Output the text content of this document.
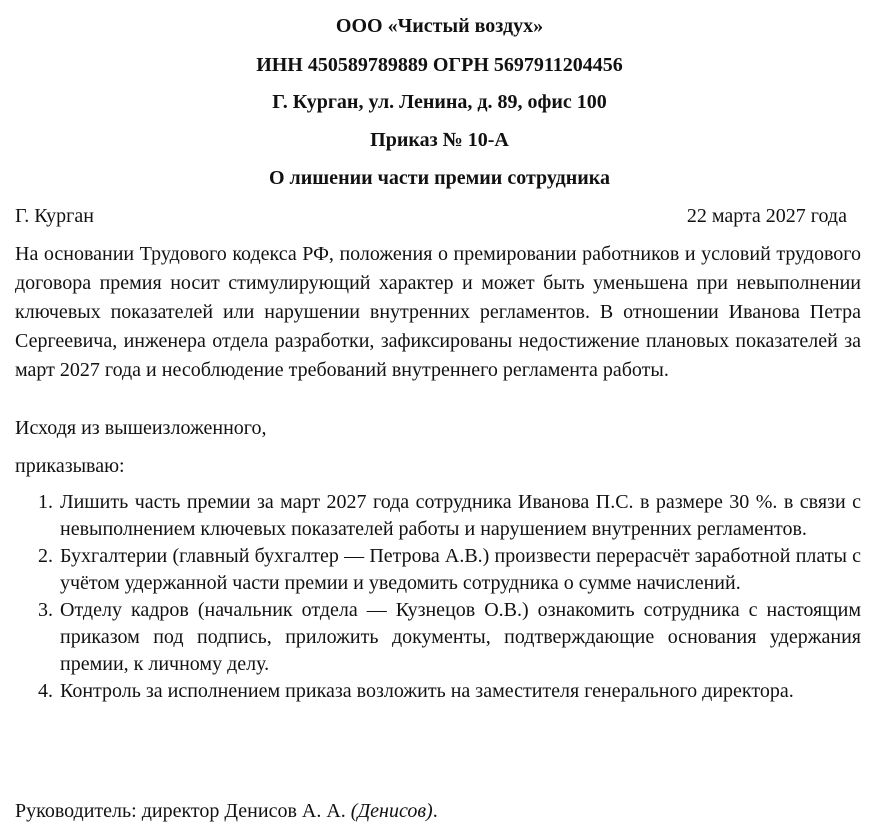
ООО «Чистый воздух»
ИНН 450589789889 ОГРН 5697911204456
Г. Курган, ул. Ленина, д. 89, офис 100
Приказ № 10-А
О лишении части премии сотрудника
Г. Курган	22 марта 2027 года
На основании Трудового кодекса РФ, положения о премировании работников и условий трудового договора премия носит стимулирующий характер и может быть уменьшена при невыполнении ключевых показателей или нарушении внутренних регламентов. В отношении Иванова Петра Сергеевича, инженера отдела разработки, зафиксированы недостижение плановых показателей за март 2027 года и несоблюдение требований внутреннего регламента работы.
Исходя из вышеизложенного,
приказываю:
1. Лишить часть премии за март 2027 года сотрудника Иванова П.С. в размере 30 %. в связи с невыполнением ключевых показателей работы и нарушением внутренних регламентов.
2. Бухгалтерии (главный бухгалтер — Петрова А.В.) произвести перерасчёт заработной платы с учётом удержанной части премии и уведомить сотрудника о сумме начислений.
3. Отделу кадров (начальник отдела — Кузнецов О.В.) ознакомить сотрудника с настоящим приказом под подпись, приложить документы, подтверждающие основания удержания премии, к личному делу.
4. Контроль за исполнением приказа возложить на заместителя генерального директора.
Руководитель: директор Денисов А. А. (Денисов).
